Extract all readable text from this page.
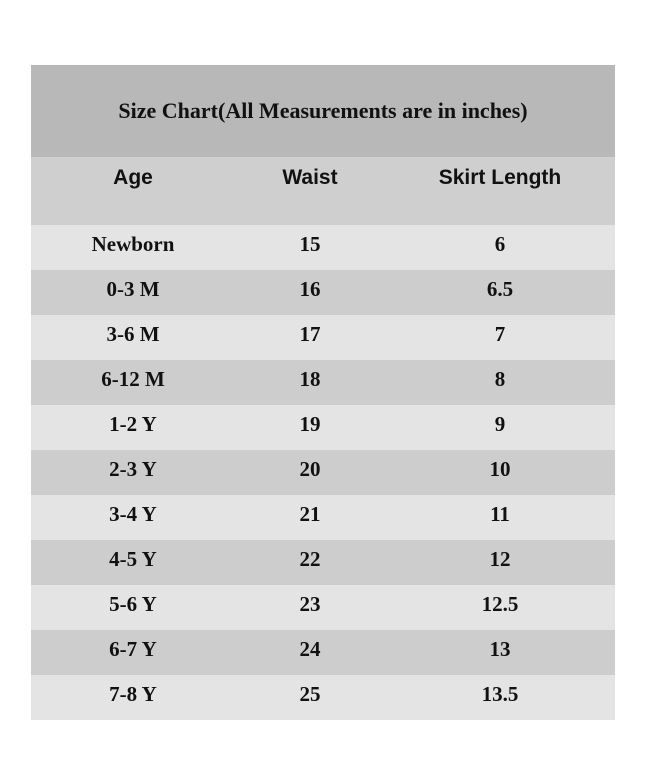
Size Chart(All Measurements are in inches)
Age	Waist	Skirt Length
Newborn	15	6
0-3 M	16	6.5
3-6 M	17	7
6-12 M	18	8
1-2 Y	19	9
2-3 Y	20	10
3-4 Y	21	11
4-5 Y	22	12
5-6 Y	23	12.5
6-7 Y	24	13
7-8 Y	25	13.5
